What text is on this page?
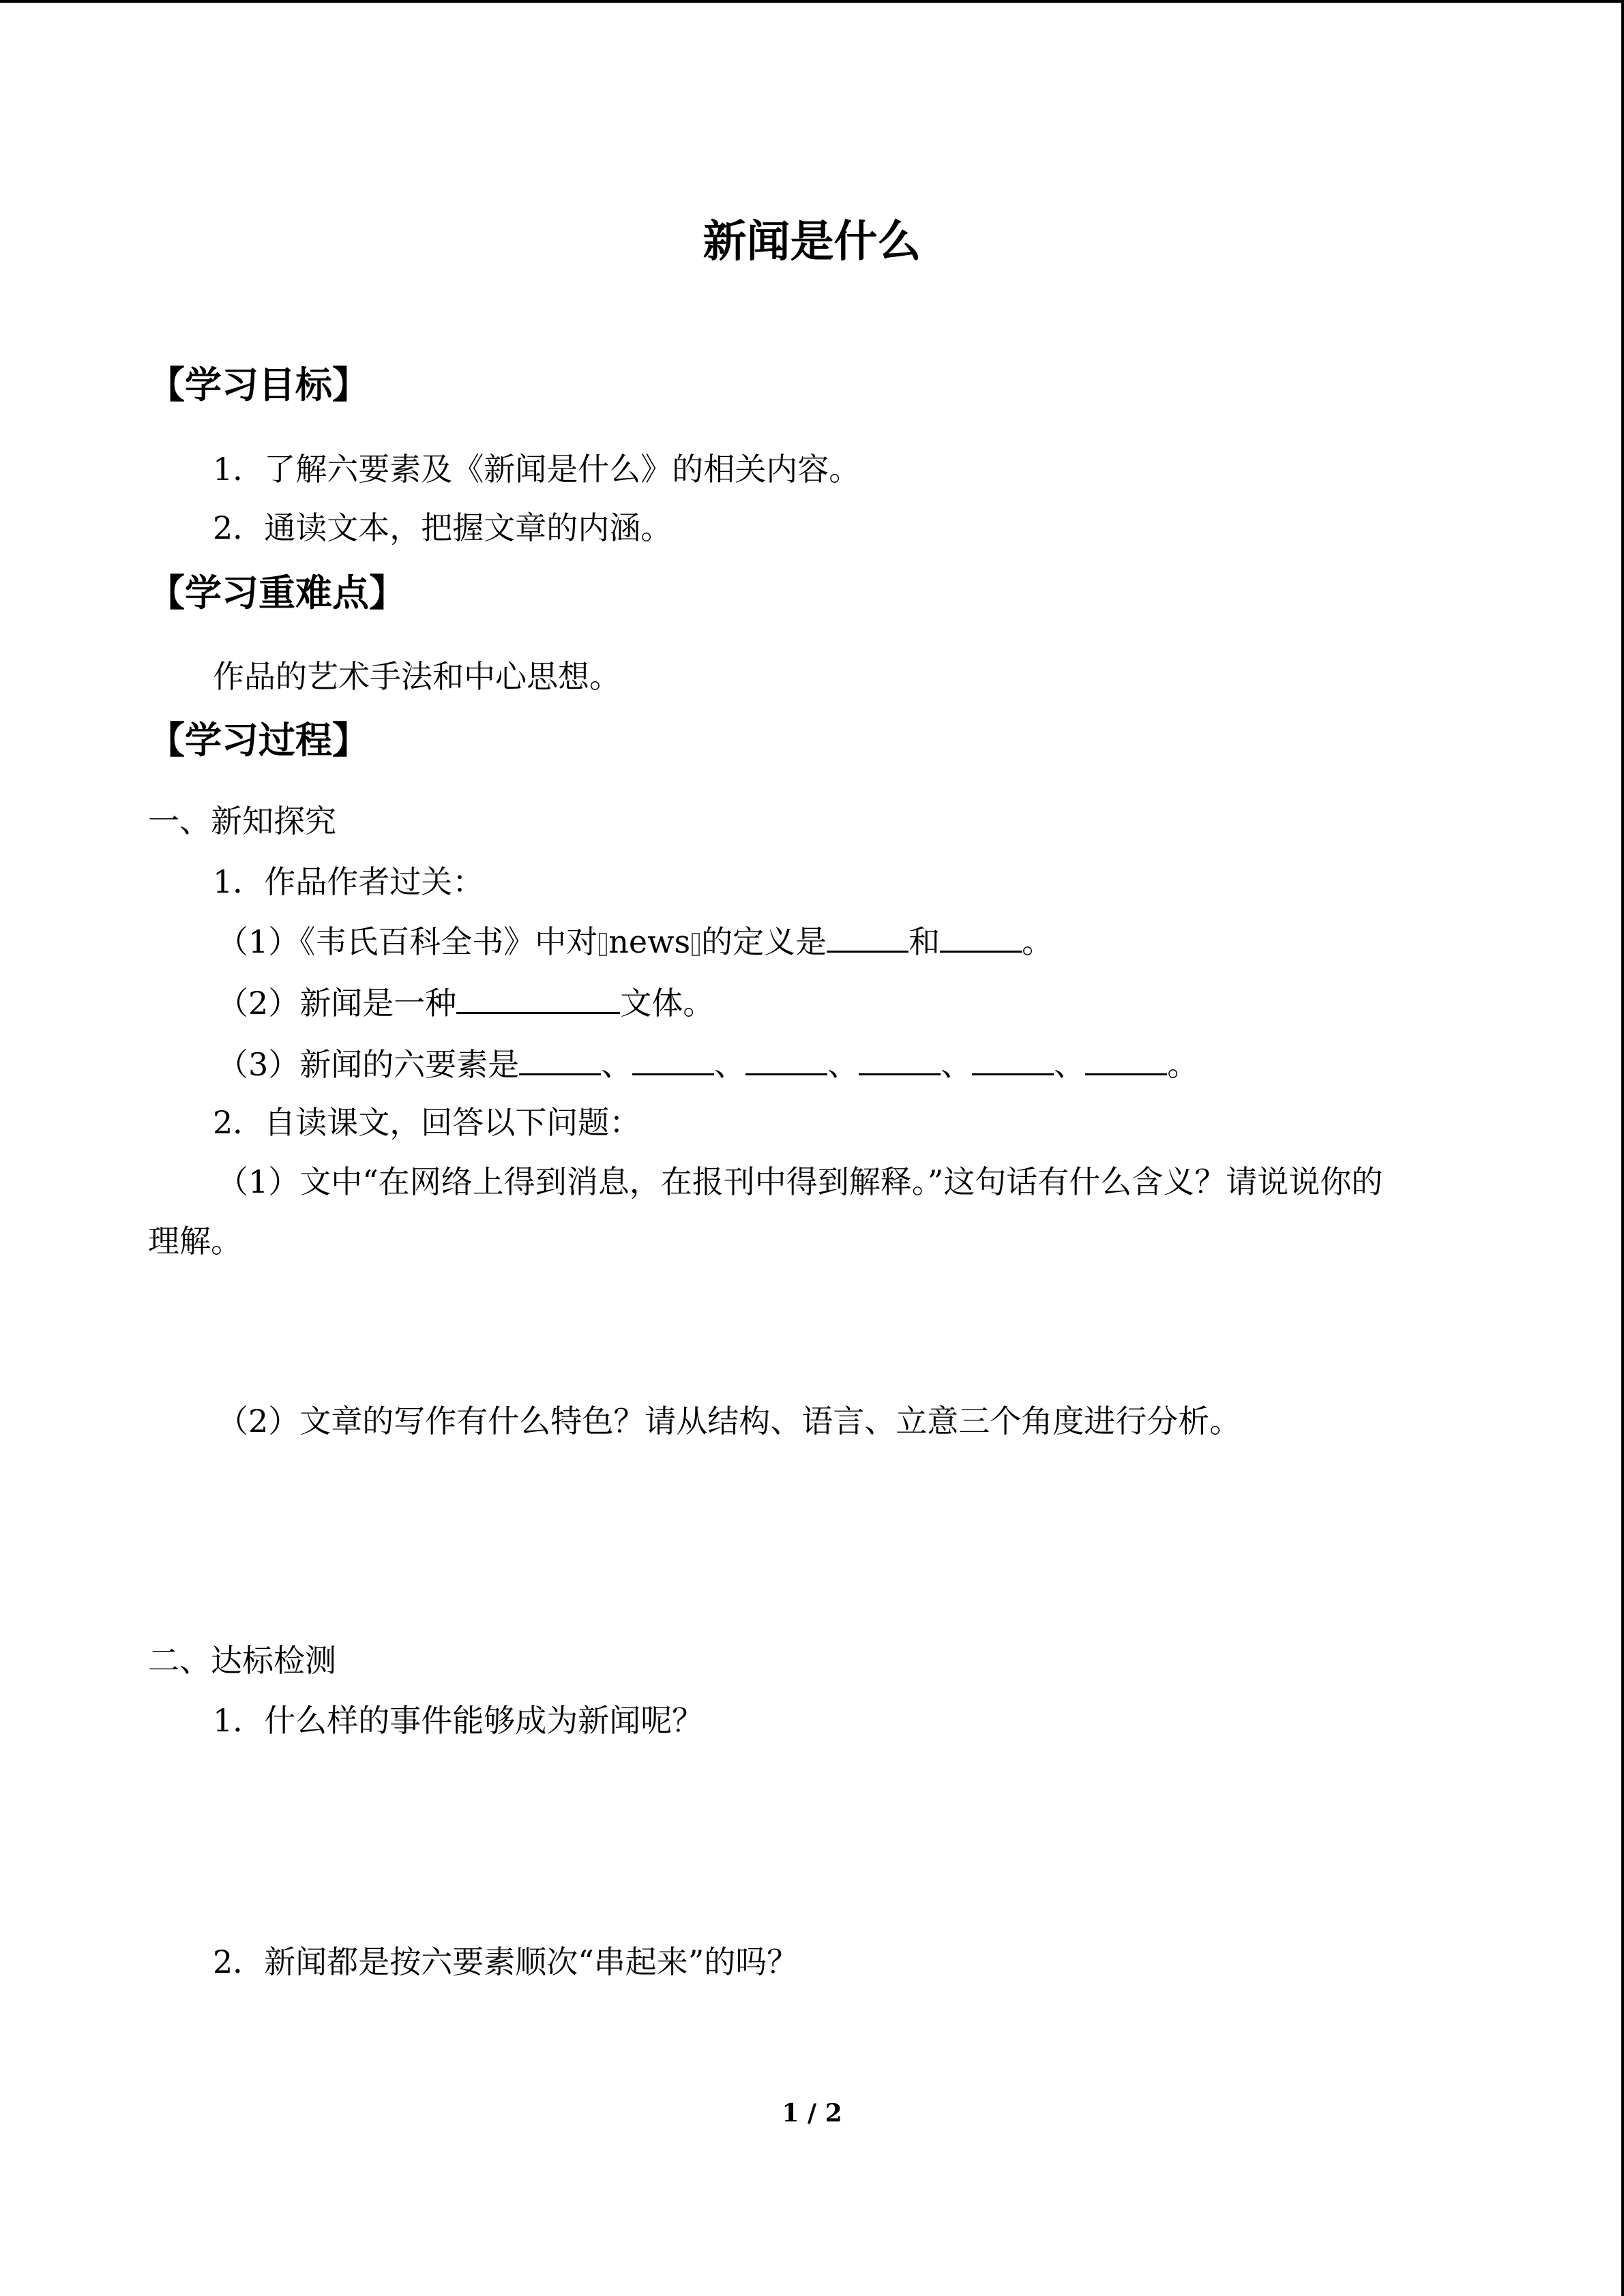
新闻是什么
【学习目标】
1．了解六要素及《新闻是什么》的相关内容。
2．通读文本，把握文章的内涵。
【学习重难点】
作品的艺术手法和中心思想。
【学习过程】
一、新知探究
1．作品作者过关：
（1）《韦氏百科全书》中对 news 的定义是	和	。
（2）新闻是一种	文体。
（3）新闻的六要素是	、	、	、	、	、	。
2．自读课文，回答以下问题：
（1）文中“在网络上得到消息，在报刊中得到解释。”这句话有什么含义？请说说你的
理解。
（2）文章的写作有什么特色？请从结构、语言、立意三个角度进行分析。
二、达标检测
1．什么样的事件能够成为新闻呢？
2．新闻都是按六要素顺次“串起来”的吗？
1 / 2
